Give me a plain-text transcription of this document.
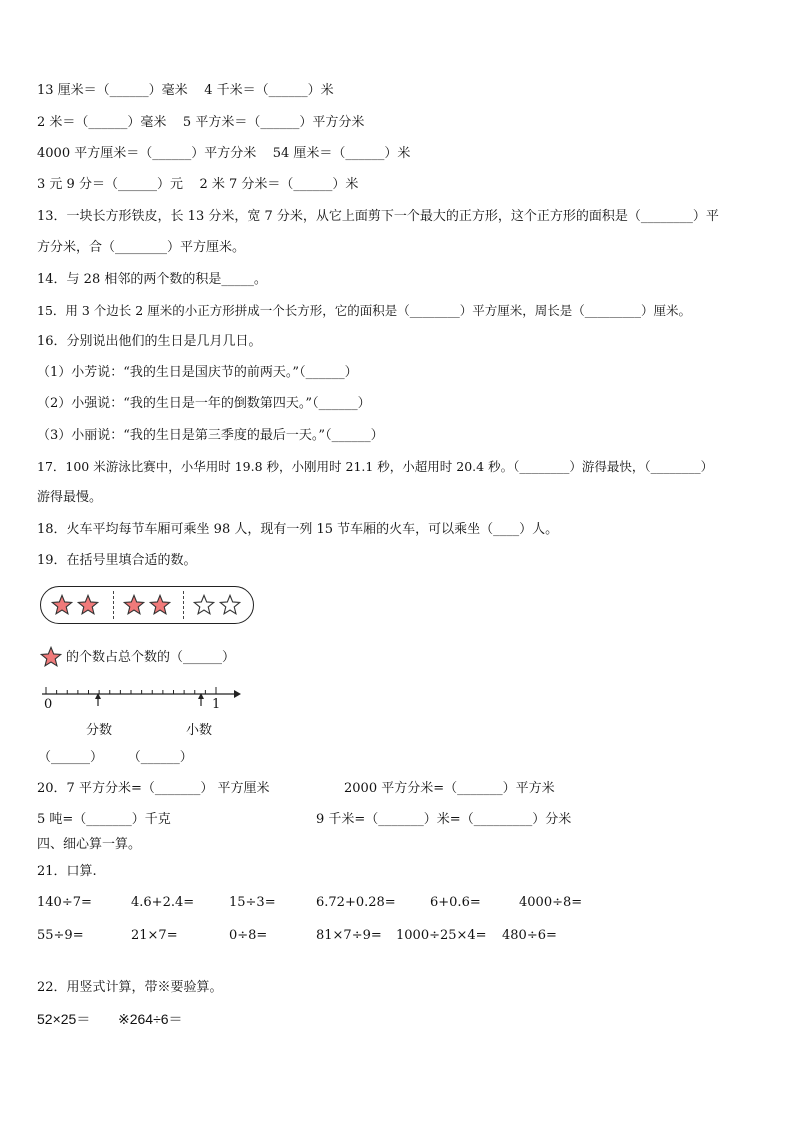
13 厘米＝（______）毫米    4 千米＝（______）米
2 米＝（______）毫米    5 平方米＝（______）平方分米
4000 平方厘米＝（______）平方分米    54 厘米＝（______）米
3 元 9 分＝（______）元    2 米 7 分米＝（______）米
13．一块长方形铁皮，长 13 分米，宽 7 分米，从它上面剪下一个最大的正方形，这个正方形的面积是（________）平
方分米，合（________）平方厘米。
14．与 28 相邻的两个数的积是_____。
15．用 3 个边长 2 厘米的小正方形拼成一个长方形，它的面积是（________）平方厘米，周长是（_________）厘米。
16．分别说出他们的生日是几月几日。
（1）小芳说：“我的生日是国庆节的前两天。”（______）
（2）小强说：“我的生日是一年的倒数第四天。”（______）
（3）小丽说：“我的生日是第三季度的最后一天。”（______）
17．100 米游泳比赛中，小华用时 19.8 秒，小刚用时 21.1 秒，小超用时 20.4 秒。（________）游得最快，（________）
游得最慢。
18．火车平均每节车厢可乘坐 98 人，现有一列 15 节车厢的火车，可以乘坐（____）人。
19．在括号里填合适的数。
的个数占总个数的（______）
0	1
分数	小数
（______）      （______）
20．7 平方分米=（_______） 平方厘米	2000 平方分米=（_______）平方米
5 吨=（_______）千克	9 千米=（_______）米=（_________）分米
四、细心算一算。
21．口算.
140÷7=	4.6+2.4=	15÷3=	6.72+0.28=	6+0.6=	4000÷8=
55÷9=	21×7=	0÷8=	81×7÷9= 1000÷25×4= 480÷6=
22．用竖式计算，带※要验算。
52×25＝ ※264÷6＝
